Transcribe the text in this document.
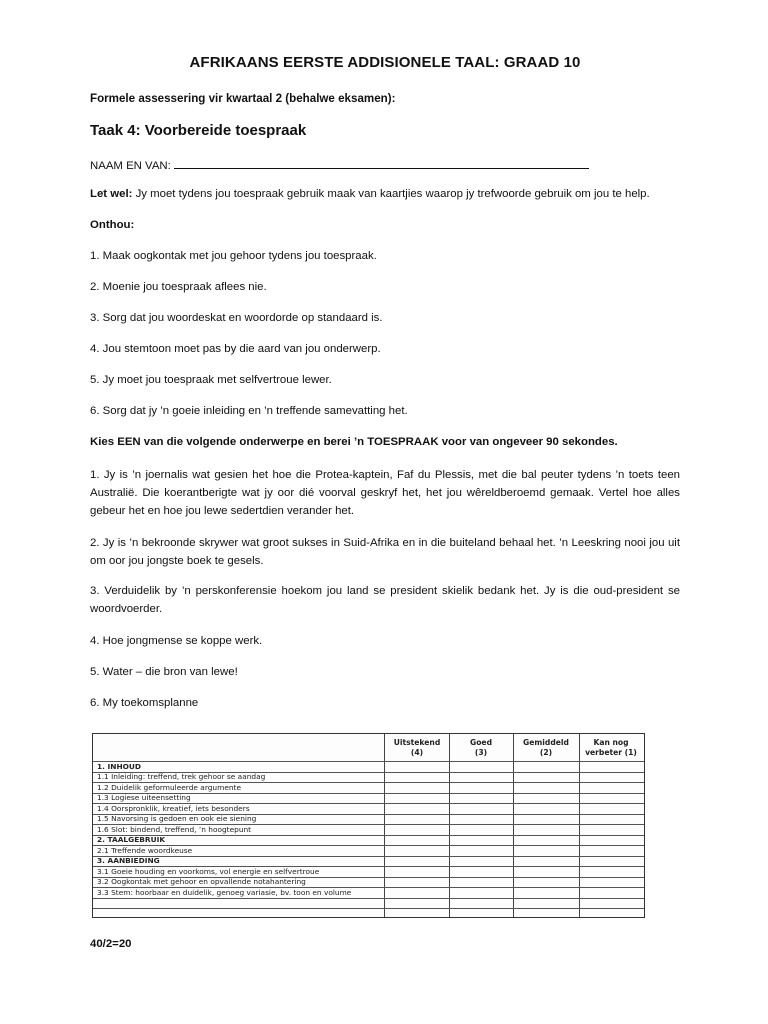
AFRIKAANS EERSTE ADDISIONELE TAAL: GRAAD 10
Formele assessering vir kwartaal 2 (behalwe eksamen):
Taak 4: Voorbereide toespraak
NAAM EN VAN:
Let wel: Jy moet tydens jou toespraak gebruik maak van kaartjies waarop jy trefwoorde gebruik om jou te help.
Onthou:
1. Maak oogkontak met jou gehoor tydens jou toespraak.
2. Moenie jou toespraak aflees nie.
3. Sorg dat jou woordeskat en woordorde op standaard is.
4. Jou stemtoon moet pas by die aard van jou onderwerp.
5. Jy moet jou toespraak met selfvertroue lewer.
6. Sorg dat jy ’n goeie inleiding en ’n treffende samevatting het.
Kies EEN van die volgende onderwerpe en berei ’n TOESPRAAK voor van ongeveer 90 sekondes.
1. Jy is ’n joernalis wat gesien het hoe die Protea-kaptein, Faf du Plessis, met die bal peuter tydens ’n toets teen Australië. Die koerantberigte wat jy oor dié voorval geskryf het, het jou wêreldberoemd gemaak. Vertel hoe alles gebeur het en hoe jou lewe sedertdien verander het.
2. Jy is ’n bekroonde skrywer wat groot sukses in Suid-Afrika en in die buiteland behaal het. ’n Leeskring nooi jou uit om oor jou jongste boek te gesels.
3. Verduidelik by ’n perskonferensie hoekom jou land se president skielik bedank het. Jy is die oud-president se woordvoerder.
4. Hoe jongmense se koppe werk.
5. Water – die bron van lewe!
6. My toekomsplanne
40/2=20
Uitstekend
(4)
Goed
(3)
Gemiddeld
(2)
Kan nog
verbeter (1)
1. INHOUD
1.1 Inleiding: treffend, trek gehoor se aandag
1.2 Duidelik geformuleerde argumente
1.3 Logiese uiteensetting
1.4 Oorspronklik, kreatief, iets besonders
1.5 Navorsing is gedoen en ook eie siening
1.6 Slot: bindend, treffend, ’n hoogtepunt
2. TAALGEBRUIK
2.1 Treffende woordkeuse
3. AANBIEDING
3.1 Goeie houding en voorkoms, vol energie en selfvertroue
3.2 Oogkontak met gehoor en opvallende notahantering
3.3 Stem: hoorbaar en duidelik, genoeg variasie, bv. toon en volume
